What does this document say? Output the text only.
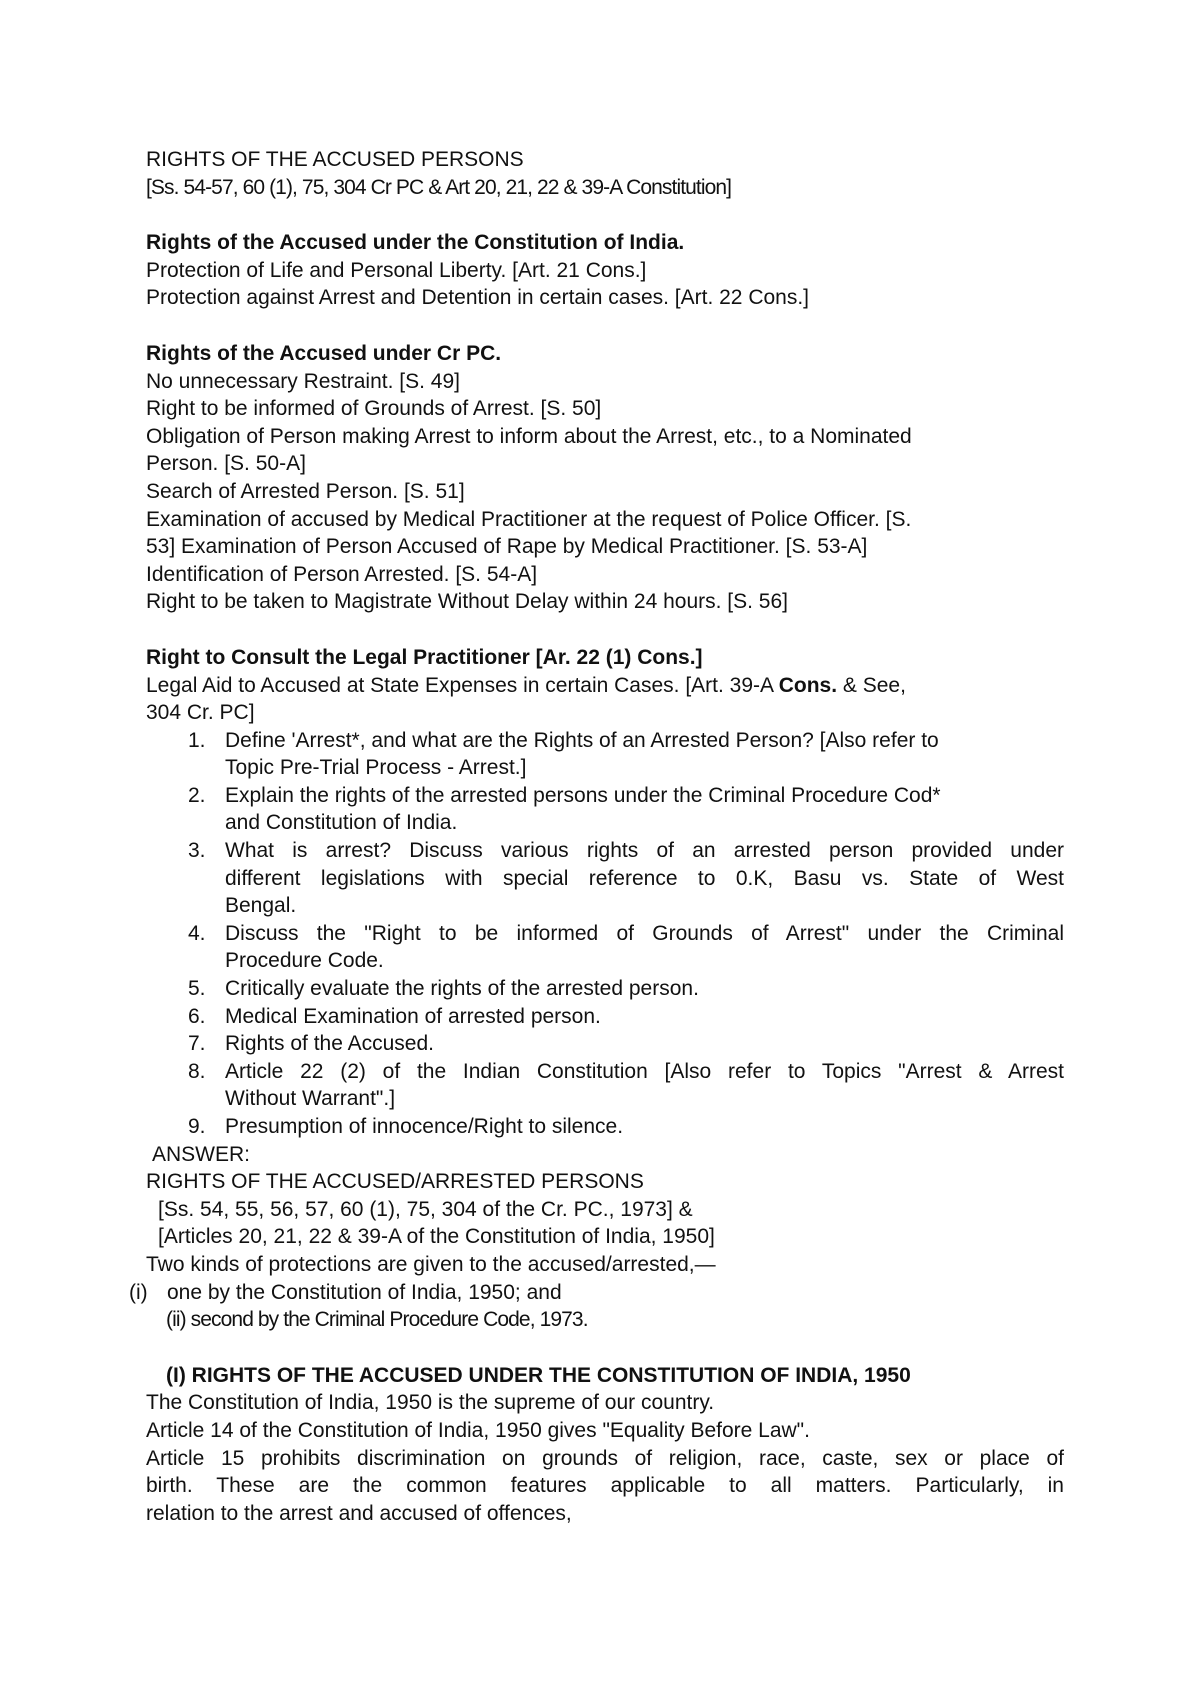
RIGHTS OF THE ACCUSED PERSONS

[Ss. 54-57, 60 (1), 75, 304 Cr PC & Art 20, 21, 22 & 39-A Constitution]

Rights of the Accused under the Constitution of India.

Protection of Life and Personal Liberty. [Art. 21 Cons.]

Protection against Arrest and Detention in certain cases. [Art. 22 Cons.]

Rights of the Accused under Cr PC.

No unnecessary Restraint. [S. 49]

Right to be informed of Grounds of Arrest. [S. 50]

Obligation of Person making Arrest to inform about the Arrest, etc., to a Nominated

Person. [S. 50-A]

Search of Arrested Person. [S. 51]

Examination of accused by Medical Practitioner at the request of Police Officer. [S.

53] Examination of Person Accused of Rape by Medical Practitioner. [S. 53-A]

Identification of Person Arrested. [S. 54-A]

Right to be taken to Magistrate Without Delay within 24 hours. [S. 56]

Right to Consult the Legal Practitioner [Ar. 22 (1) Cons.]

Legal Aid to Accused at State Expenses in certain Cases. [Art. 39-A Cons. & See,

304 Cr. PC]

1. Define 'Arrest*, and what are the Rights of an Arrested Person? [Also refer to
Topic Pre-Trial Process - Arrest.]
2. Explain the rights of the arrested persons under the Criminal Procedure Cod*
and Constitution of India.
3. What is arrest? Discuss various rights of an arrested person provided under
different legislations with special reference to 0.K, Basu vs. State of West
Bengal.
4. Discuss the "Right to be informed of Grounds of Arrest" under the Criminal
Procedure Code.
5. Critically evaluate the rights of the arrested person.
6. Medical Examination of arrested person.
7. Rights of the Accused.
8. Article 22 (2) of the Indian Constitution [Also refer to Topics "Arrest & Arrest
Without Warrant".]
9. Presumption of innocence/Right to silence.

ANSWER:

RIGHTS OF THE ACCUSED/ARRESTED PERSONS

[Ss. 54, 55, 56, 57, 60 (1), 75, 304 of the Cr. PC., 1973] &

[Articles 20, 21, 22 & 39-A of the Constitution of India, 1950]

Two kinds of protections are given to the accused/arrested,—

(i) one by the Constitution of India, 1950; and

(ii) second by the Criminal Procedure Code, 1973.

(I) RIGHTS OF THE ACCUSED UNDER THE CONSTITUTION OF INDIA, 1950

The Constitution of India, 1950 is the supreme of our country.

Article 14 of the Constitution of India, 1950 gives "Equality Before Law".

Article 15 prohibits discrimination on grounds of religion, race, caste, sex or place of
birth. These are the common features applicable to all matters. Particularly, in
relation to the arrest and accused of offences,
